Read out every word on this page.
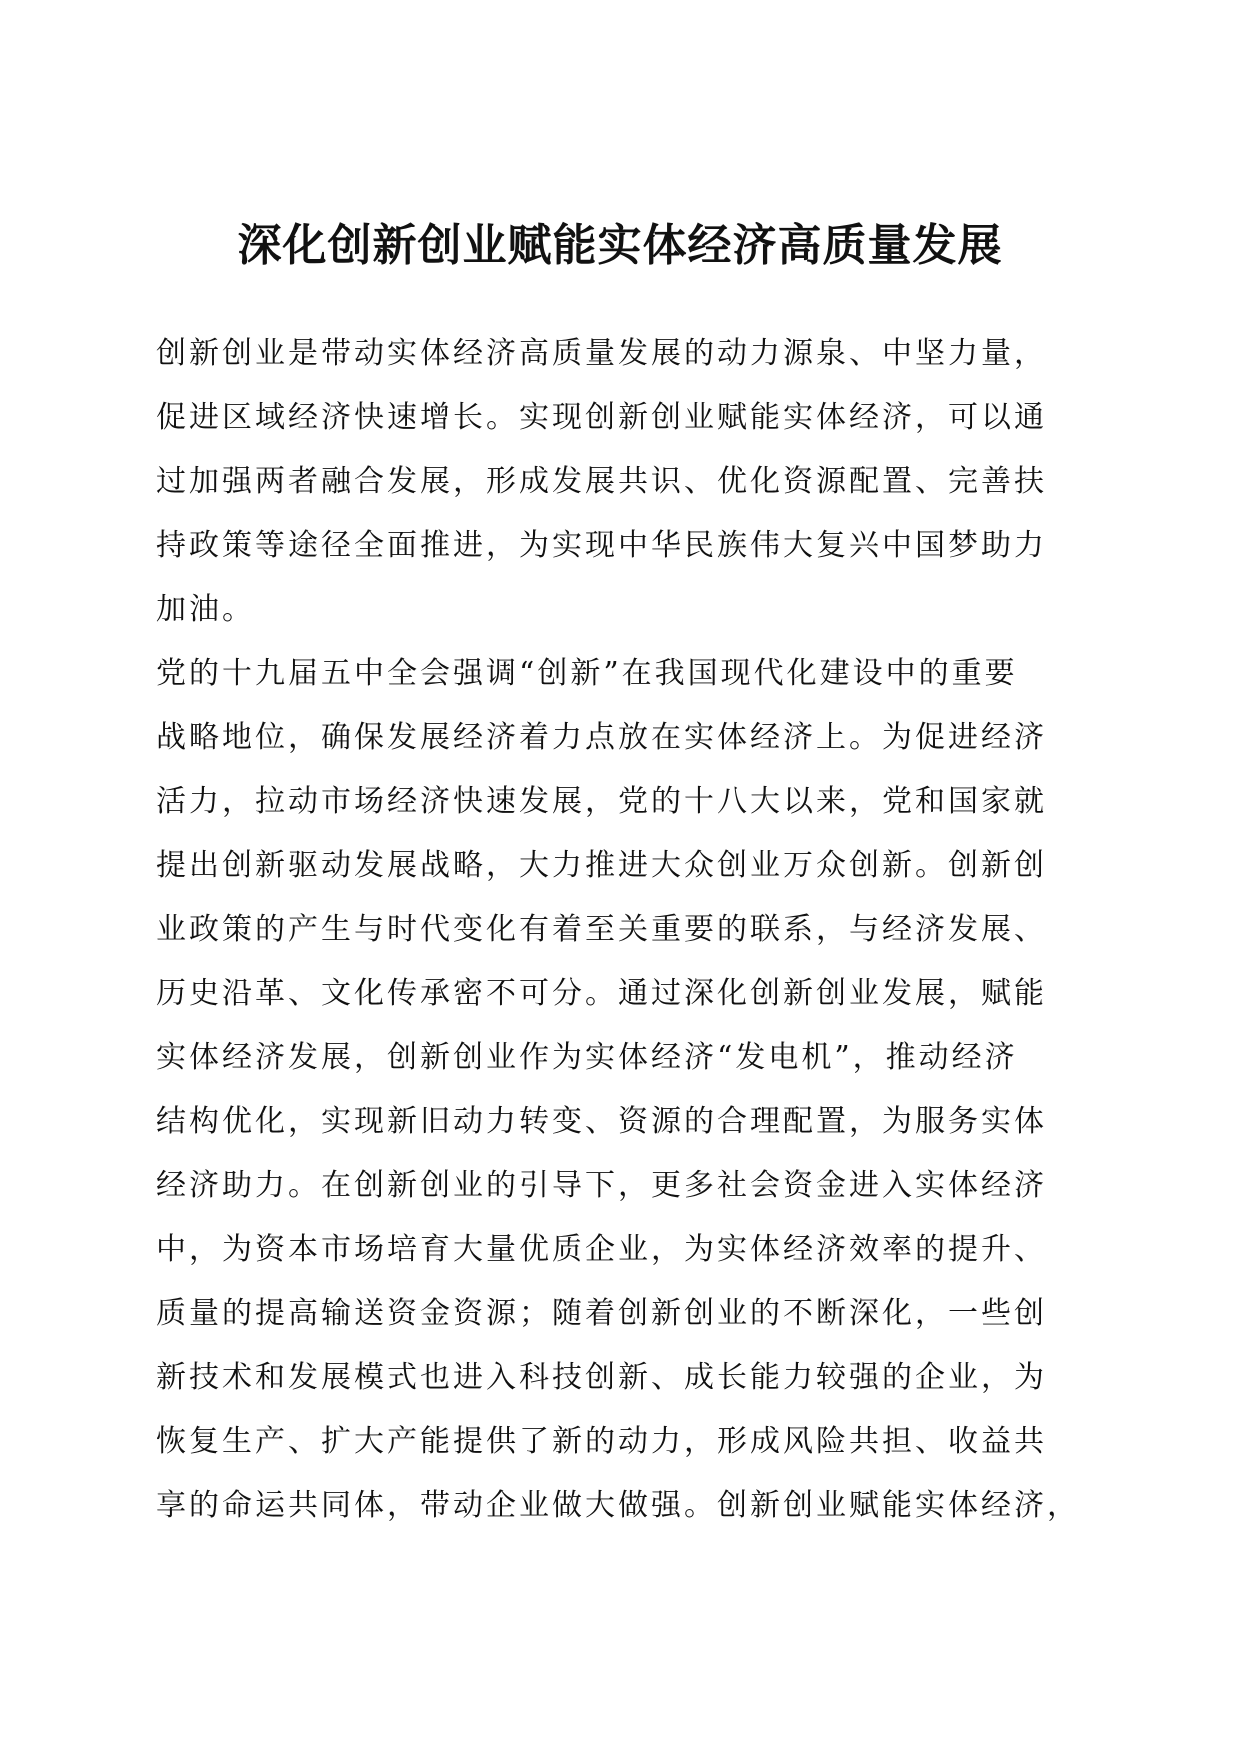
深化创新创业赋能实体经济高质量发展

创新创业是带动实体经济高质量发展的动力源泉、中坚力量，
促进区域经济快速增长。实现创新创业赋能实体经济，可以通
过加强两者融合发展，形成发展共识、优化资源配置、完善扶
持政策等途径全面推进，为实现中华民族伟大复兴中国梦助力
加油。

党的十九届五中全会强调“创新”在我国现代化建设中的重要
战略地位，确保发展经济着力点放在实体经济上。为促进经济
活力，拉动市场经济快速发展，党的十八大以来，党和国家就
提出创新驱动发展战略，大力推进大众创业万众创新。创新创
业政策的产生与时代变化有着至关重要的联系，与经济发展、
历史沿革、文化传承密不可分。通过深化创新创业发展，赋能
实体经济发展，创新创业作为实体经济“发电机”，推动经济
结构优化，实现新旧动力转变、资源的合理配置，为服务实体
经济助力。在创新创业的引导下，更多社会资金进入实体经济
中，为资本市场培育大量优质企业，为实体经济效率的提升、
质量的提高输送资金资源；随着创新创业的不断深化，一些创
新技术和发展模式也进入科技创新、成长能力较强的企业，为
恢复生产、扩大产能提供了新的动力，形成风险共担、收益共
享的命运共同体，带动企业做大做强。创新创业赋能实体经济，
